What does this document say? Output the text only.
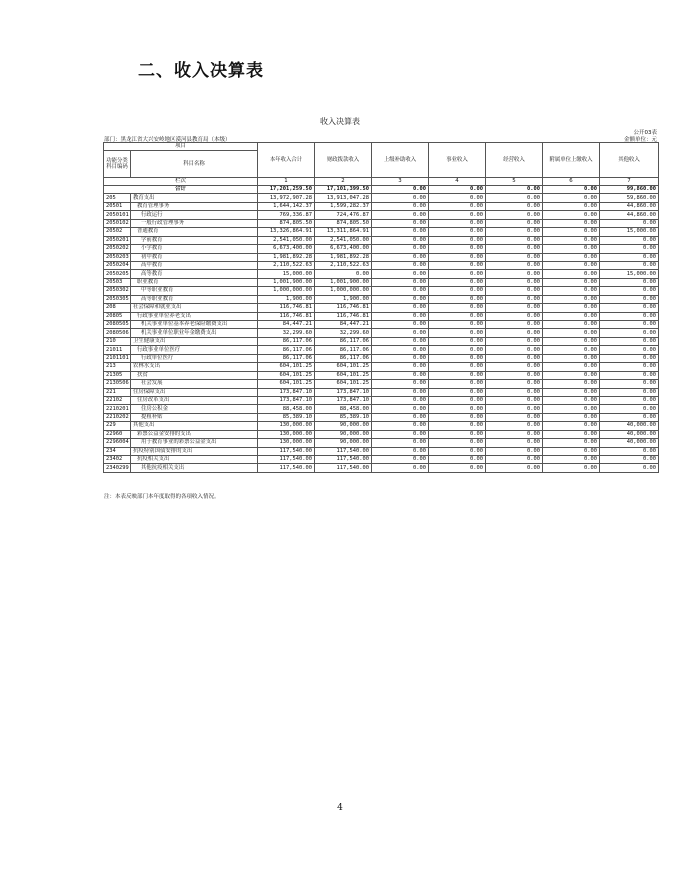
二、收入决算表
收入决算表
公开03表
金额单位：元
部门：黑龙江省大兴安岭地区漠河县教育局（本级）
项目		本年收入合计	财政拨款收入	上级补助收入	事业收入	经营收入	附属单位上缴收入	其他收入
功能分类科目编码	科目名称							
栏次		1	2	3	4	5	6	7
合计		17,201,259.50	17,101,399.50	0.00	0.00	0.00	0.00	99,860.00
205	教育支出	13,972,907.28	13,913,047.28	0.00	0.00	0.00	0.00	59,860.00
20501	教育管理事务	1,644,142.37	1,599,282.37	0.00	0.00	0.00	0.00	44,860.00
2050101	行政运行	769,336.87	724,476.87	0.00	0.00	0.00	0.00	44,860.00
2050102	一般行政管理事务	874,805.50	874,805.50	0.00	0.00	0.00	0.00	0.00
20502	普通教育	13,326,864.91	13,311,864.91	0.00	0.00	0.00	0.00	15,000.00
2050201	学前教育	2,541,050.00	2,541,050.00	0.00	0.00	0.00	0.00	0.00
2050202	小学教育	6,673,400.00	6,673,400.00	0.00	0.00	0.00	0.00	0.00
2050203	初中教育	1,981,892.28	1,981,892.28	0.00	0.00	0.00	0.00	0.00
2050204	高中教育	2,110,522.63	2,110,522.63	0.00	0.00	0.00	0.00	0.00
2050205	高等教育	15,000.00	0.00	0.00	0.00	0.00	0.00	15,000.00
20503	职业教育	1,001,900.00	1,001,900.00	0.00	0.00	0.00	0.00	0.00
2050302	中等职业教育	1,000,000.00	1,000,000.00	0.00	0.00	0.00	0.00	0.00
2050305	高等职业教育	1,900.00	1,900.00	0.00	0.00	0.00	0.00	0.00
208	社会保障和就业支出	116,746.81	116,746.81	0.00	0.00	0.00	0.00	0.00
20805	行政事业单位养老支出	116,746.81	116,746.81	0.00	0.00	0.00	0.00	0.00
2080505	机关事业单位基本养老保险缴费支出	84,447.21	84,447.21	0.00	0.00	0.00	0.00	0.00
2080506	机关事业单位职业年金缴费支出	32,299.60	32,299.60	0.00	0.00	0.00	0.00	0.00
210	卫生健康支出	86,117.06	86,117.06	0.00	0.00	0.00	0.00	0.00
21011	行政事业单位医疗	86,117.06	86,117.06	0.00	0.00	0.00	0.00	0.00
2101101	行政单位医疗	86,117.06	86,117.06	0.00	0.00	0.00	0.00	0.00
213	农林水支出	604,101.25	604,101.25	0.00	0.00	0.00	0.00	0.00
21305	扶贫	604,101.25	604,101.25	0.00	0.00	0.00	0.00	0.00
2130506	社会发展	604,101.25	604,101.25	0.00	0.00	0.00	0.00	0.00
221	住房保障支出	173,847.10	173,847.10	0.00	0.00	0.00	0.00	0.00
22102	住房改革支出	173,847.10	173,847.10	0.00	0.00	0.00	0.00	0.00
2210201	住房公积金	88,458.00	88,458.00	0.00	0.00	0.00	0.00	0.00
2210202	提租补贴	85,389.10	85,389.10	0.00	0.00	0.00	0.00	0.00
229	其他支出	130,000.00	90,000.00	0.00	0.00	0.00	0.00	40,000.00
22960	彩票公益金安排的支出	130,000.00	90,000.00	0.00	0.00	0.00	0.00	40,000.00
2296004	用于教育事业的彩票公益金支出	130,000.00	90,000.00	0.00	0.00	0.00	0.00	40,000.00
234	抗疫特别国债安排的支出	117,540.00	117,540.00	0.00	0.00	0.00	0.00	0.00
23402	抗疫相关支出	117,540.00	117,540.00	0.00	0.00	0.00	0.00	0.00
2340299	其他抗疫相关支出	117,540.00	117,540.00	0.00	0.00	0.00	0.00	0.00
注：本表反映部门本年度取得的各项收入情况。
4
